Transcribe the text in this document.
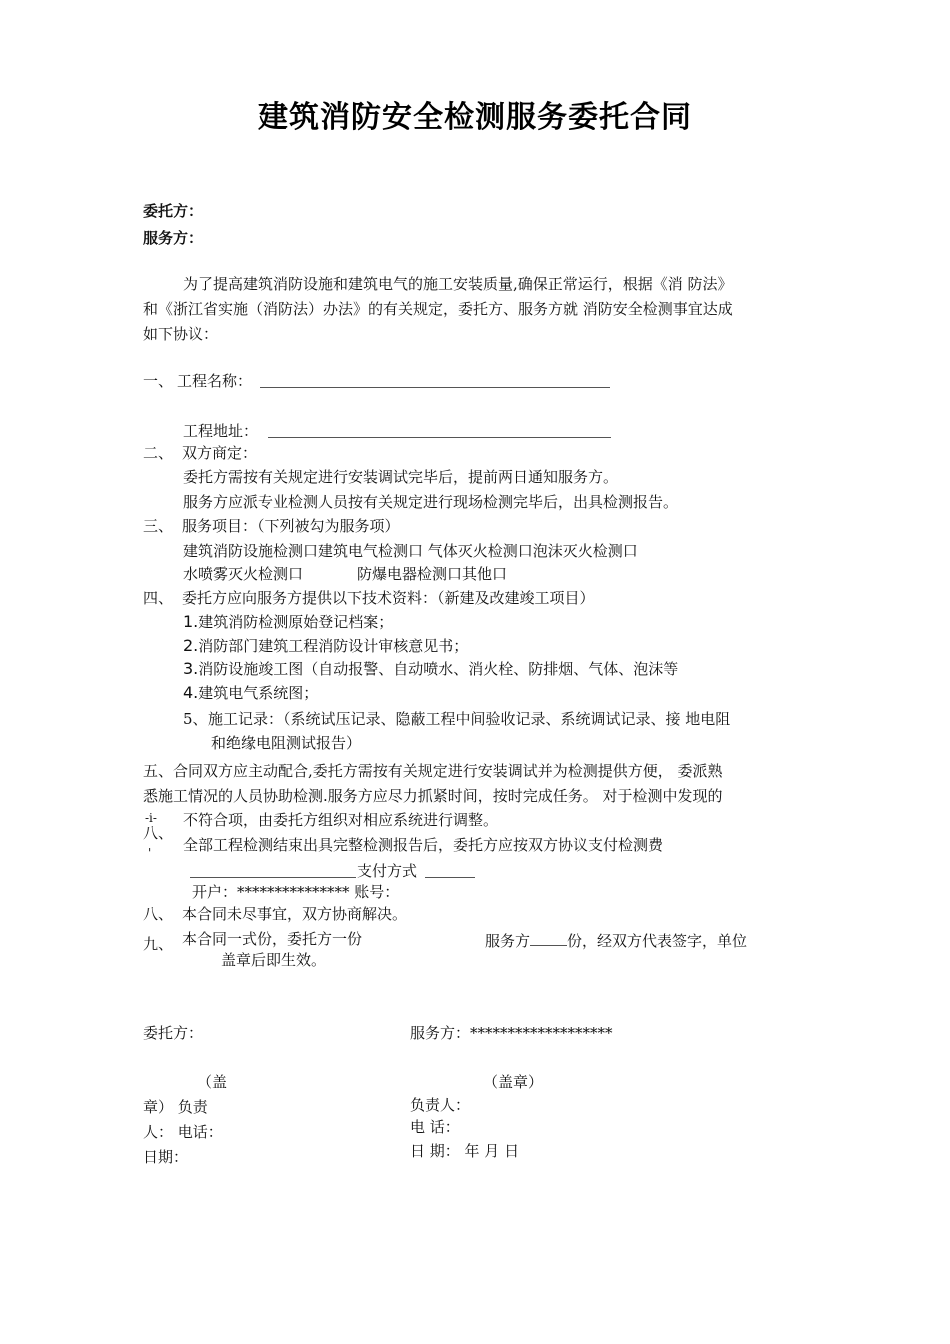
建筑消防安全检测服务委托合同
委托方：
服务方：
为了提高建筑消防设施和建筑电气的施工安装质量,确保正常运行，根据《消 防法》
和《浙江省实施（消防法）办法》的有关规定，委托方、服务方就 消防安全检测事宜达成
如下协议：
一、 工程名称：
工程地址：
二、 双方商定：
委托方需按有关规定进行安装调试完毕后，提前两日通知服务方。
服务方应派专业检测人员按有关规定进行现场检测完毕后，出具检测报告。
三、 服务项目：（下列被勾为服务项）
建筑消防设施检测口建筑电气检测口 气体灭火检测口泡沫灭火检测口
水喷雾灭火检测口	防爆电器检测口其他口
四、 委托方应向服务方提供以下技术资料：（新建及改建竣工项目）
1.建筑消防检测原始登记档案；
2.消防部门建筑工程消防设计审核意见书；
3.消防设施竣工图（自动报警、自动喷水、消火栓、防排烟、气体、泡沫等
4.建筑电气系统图；
5、 施工记录：（系统试压记录、隐蔽工程中间验收记录、系统调试记录、接 地电阻
和绝缘电阻测试报告）
五、合同双方应主动配合,委托方需按有关规定进行安装调试并为检测提供方便， 委派熟
悉施工情况的人员协助检测.服务方应尽力抓紧时间，按时完成任务。 对于检测中发现的
不符合项，由委托方组织对相应系统进行调整。
-i-
八、
' 全部工程检测结束出具完整检测报告后，委托方应按双方协议支付检测费
支付方式
开户：*************** 账号：
八、 本合同未尽事宜，双方协商解决。
九、 本合同一式份，委托方一份	服务方 份，经双方代表签字，单位
盖章后即生效。
委托方：	服务方：*******************
（盖	（盖章）
章） 负责	负责人：
人： 电话：	电 话：
日期：	日 期： 年 月 日
